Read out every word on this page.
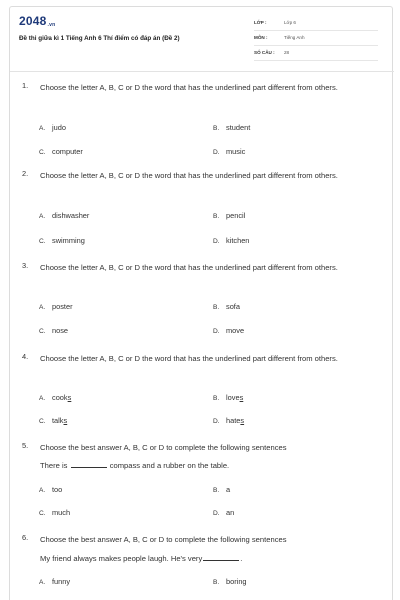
2048.vn
Đề thi giữa kì 1 Tiếng Anh 6 Thí điểm có đáp án (Đề 2)
LỚP :	Lớp 6
MÔN :	Tiếng Anh
SỐ CÂU : 28
1. Choose the letter A, B, C or D the word that has the underlined part different from others.
A. judo	B. student
C. computer	D. music
2. Choose the letter A, B, C or D the word that has the underlined part different from others.
A. dishwasher	B. pencil
C. swimming	D. kitchen
3. Choose the letter A, B, C or D the word that has the underlined part different from others.
A. poster	B. sofa
C. nose	D. move
4. Choose the letter A, B, C or D the word that has the underlined part different from others.
A. cooks	B. loves
C. talks	D. hates
5. Choose the best answer A, B, C or D to complete the following sentences
There is	compass and a rubber on the table.
A. too	B. a
C. much	D. an
6. Choose the best answer A, B, C or D to complete the following sentences
My friend always makes people laugh. He's very	.
A. funny	B. boring
